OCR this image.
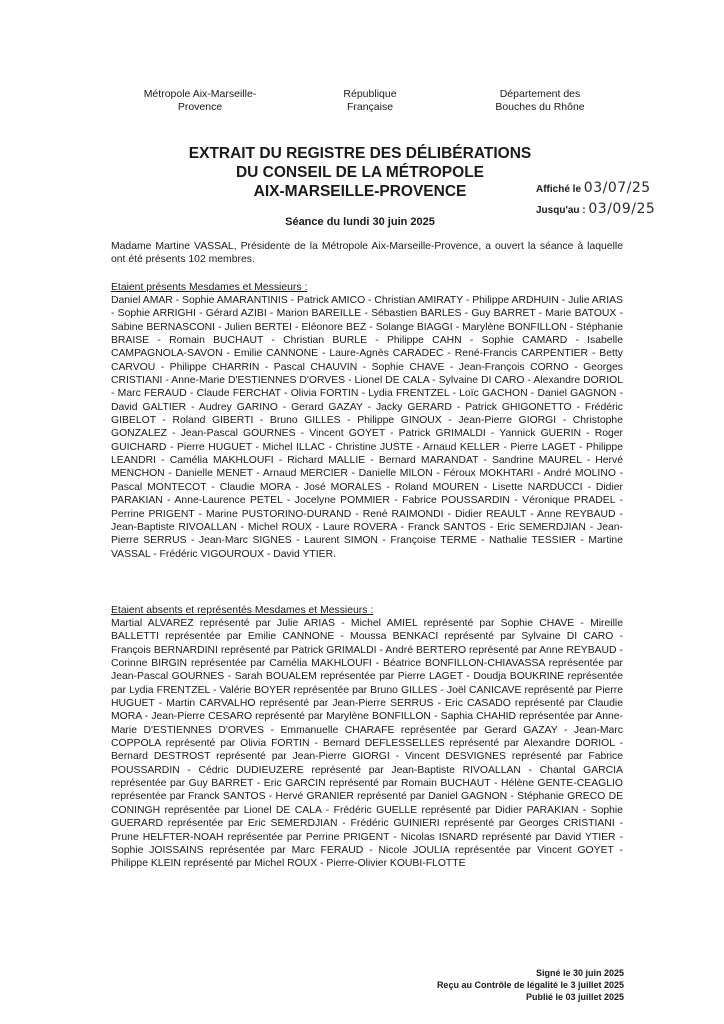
Métropole Aix-Marseille-
Provence
République
Française
Département des
Bouches du Rhône
EXTRAIT DU REGISTRE DES DÉLIBÉRATIONS
DU CONSEIL DE LA MÉTROPOLE
AIX-MARSEILLE-PROVENCE	Affiché le 03/07/25
Jusqu'au : 03/09/25
Séance du lundi 30 juin 2025
Madame Martine VASSAL, Présidente de la Métropole Aix-Marseille-Provence, a ouvert la séance à laquelle ont été présents 102 membres.
Etaient présents Mesdames et Messieurs :
Daniel AMAR - Sophie AMARANTINIS - Patrick AMICO - Christian AMIRATY - Philippe ARDHUIN - Julie ARIAS - Sophie ARRIGHI - Gérard AZIBI - Marion BAREILLE - Sébastien BARLES - Guy BARRET - Marie BATOUX - Sabine BERNASCONI - Julien BERTEI - Eléonore BEZ - Solange BIAGGI - Marylène BONFILLON - Stéphanie BRAISE - Romain BUCHAUT - Christian BURLE - Philippe CAHN - Sophie CAMARD - Isabelle CAMPAGNOLA-SAVON - Emilie CANNONE - Laure-Agnès CARADEC - René-Francis CARPENTIER - Betty CARVOU - Philippe CHARRIN - Pascal CHAUVIN - Sophie CHAVE - Jean-François CORNO - Georges CRISTIANI - Anne-Marie D'ESTIENNES D'ORVES - Lionel DE CALA - Sylvaine DI CARO - Alexandre DORIOL - Marc FERAUD - Claude FERCHAT - Olivia FORTIN - Lydia FRENTZEL - Loïc GACHON - Daniel GAGNON - David GALTIER - Audrey GARINO - Gerard GAZAY - Jacky GERARD - Patrick GHIGONETTO - Frédéric GIBELOT - Roland GIBERTI - Bruno GILLES - Philippe GINOUX - Jean-Pierre GIORGI - Christophe GONZALEZ - Jean-Pascal GOURNES - Vincent GOYET - Patrick GRIMALDI - Yannick GUERIN - Roger GUICHARD - Pierre HUGUET - Michel ILLAC - Christine JUSTE - Arnaud KELLER - Pierre LAGET - Philippe LEANDRI - Camélia MAKHLOUFI - Richard MALLIE - Bernard MARANDAT - Sandrine MAUREL - Hervé MENCHON - Danielle MENET - Arnaud MERCIER - Danielle MILON - Féroux MOKHTARI - André MOLINO - Pascal MONTECOT - Claudie MORA - José MORALES - Roland MOUREN - Lisette NARDUCCI - Didier PARAKIAN - Anne-Laurence PETEL - Jocelyne POMMIER - Fabrice POUSSARDIN - Véronique PRADEL - Perrine PRIGENT - Marine PUSTORINO-DURAND - René RAIMONDI - Didier REAULT - Anne REYBAUD - Jean-Baptiste RIVOALLAN - Michel ROUX - Laure ROVERA - Franck SANTOS - Eric SEMERDJIAN - Jean-Pierre SERRUS - Jean-Marc SIGNES - Laurent SIMON - Françoise TERME - Nathalie TESSIER - Martine VASSAL - Frédéric VIGOUROUX - David YTIER.
Etaient absents et représentés Mesdames et Messieurs :
Martial ALVAREZ représenté par Julie ARIAS - Michel AMIEL représenté par Sophie CHAVE - Mireille BALLETTI représentée par Emilie CANNONE - Moussa BENKACI représenté par Sylvaine DI CARO - François BERNARDINI représenté par Patrick GRIMALDI - André BERTERO représenté par Anne REYBAUD - Corinne BIRGIN représentée par Camélia MAKHLOUFI - Béatrice BONFILLON-CHIAVASSA représentée par Jean-Pascal GOURNES - Sarah BOUALEM représentée par Pierre LAGET - Doudja BOUKRINE représentée par Lydia FRENTZEL - Valérie BOYER représentée par Bruno GILLES - Joël CANICAVE représenté par Pierre HUGUET - Martin CARVALHO représenté par Jean-Pierre SERRUS - Eric CASADO représenté par Claudie MORA - Jean-Pierre CESARO représenté par Marylène BONFILLON - Saphia CHAHID représentée par Anne-Marie D'ESTIENNES D'ORVES - Emmanuelle CHARAFE représentée par Gerard GAZAY - Jean-Marc COPPOLA représenté par Olivia FORTIN - Bernard DEFLESSELLES représenté par Alexandre DORIOL - Bernard DESTROST représenté par Jean-Pierre GIORGI - Vincent DESVIGNES représenté par Fabrice POUSSARDIN - Cédric DUDIEUZERE représenté par Jean-Baptiste RIVOALLAN - Chantal GARCIA représentée par Guy BARRET - Eric GARCIN représenté par Romain BUCHAUT - Hélène GENTE-CEAGLIO représentée par Franck SANTOS - Hervé GRANIER représenté par Daniel GAGNON - Stéphanie GRECO DE CONINGH représentée par Lionel DE CALA - Frédéric GUELLE représenté par Didier PARAKIAN - Sophie GUERARD représentée par Eric SEMERDJIAN - Frédéric GUINIERI représenté par Georges CRISTIANI - Prune HELFTER-NOAH représentée par Perrine PRIGENT - Nicolas ISNARD représenté par David YTIER - Sophie JOISSAINS représentée par Marc FERAUD - Nicole JOULIA représentée par Vincent GOYET - Philippe KLEIN représenté par Michel ROUX - Pierre-Olivier KOUBI-FLOTTE
Signé le 30 juin 2025
Reçu au Contrôle de légalité le 3 juillet 2025
Publié le 03 juillet 2025
